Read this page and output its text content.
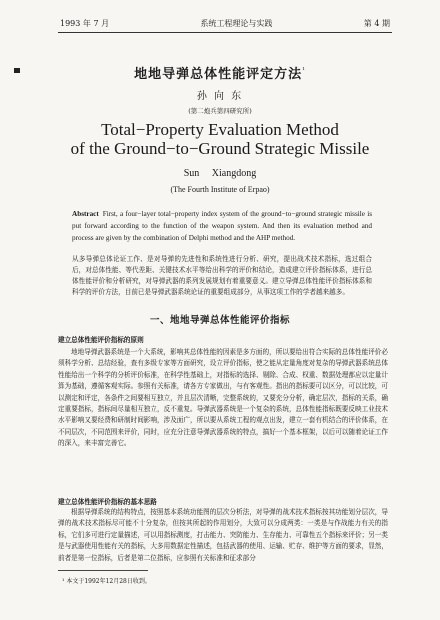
1993 年 7 月	系统工程理论与实践	第 4 期
地地导弹总体性能评定方法$^{^1}$
孙 向 东
(第二炮兵第四研究所)
Total−Property Evaluation Method
of the Ground−to−Ground Strategic Missile
Sun Xiangdong
(The Fourth Institute of Erpao)
Abstract First, a four−layer total−property index system of the ground−to−ground strategic missile is put forward according to the function of the weapon system. And then its evaluation method and process are given by the combination of Delphi method and the AHP method.
从多导弹总体论证工作、是对导弹的先进性和系统性进行分析、研究，提出战术技术指标，选过组合后，对总体性能、等代差距、关键技术水平等给出科学的评价和结论，造成建立评价指标体系，进行总体性能评价和分析研究，对导弹武器的系列发展规划有着重要意义。建立导弹总体性能评价指标体系和科学的评价方法，目前已是导弹武器系统论证的重要组成部分，从事这项工作的学者越来越多。
一、地地导弹总体性能评价指标
建立总体性能评价指标的原则
地地导弹武器系统是一个大系统，影响其总体性能的因素是多方面的，所以要给出符合实际的总体性能评价必须科学分析、总结经验，查有多级专家等方面研究，设立评价指标，使之能从定量角度对复杂的导弹武器系统总体性能给出一个科学的分析评价标准，在科学性基础上，对指标的选择、剔除、合成、权重、数据处理都应以定量计算为基础，遵循客观实际。参照有关标准，请各方专家做出，与有客观性。指出的指标要可以区分，可以比较，可以测定和评定，各条件之间要相互独立，并且层次清晰，完整系统的，又要充分分析，确定层次，指标的关系，确定重要指标，指标间尽量相互独立，反不重复。导弹武器系统是一个复杂的系统，总体性能指标既要反映工业技术水平影响又要经费和研制时间影响，涉及面广，所以要从系统工程的观点出发，建立一套有机结合的评价体系，在不同层次，不同范围来评价，同时，应充分注意导弹武器系统的特点，搞好一个基本框架，以后可以随着论证工作的深入，来丰富完善它。
建立总体性能评价指标的基本思路
根据导弹系统的结构特点，按照基本系统功能图的层次分析法，对导弹的战术技术指标按其功能划分层次，导弹的战术技术指标尽可能不十分复杂，但按其所起的作用划分，大致可以分成两类：一类是与作战能力有关的指标，它们多可进行定量描述，可以用指标测度，打击能力、突防能力、生存能力、可靠性五个指标来评价；另一类是与武器使用性能有关的指标，大多用数据定性描述，包括武器的使用、运输、贮存、维护等方面的要求，显然，前者是第一位指标，后者是第二位指标，应参照有关标准和征求部分
¹ 本文于1992年12月28日收到。
